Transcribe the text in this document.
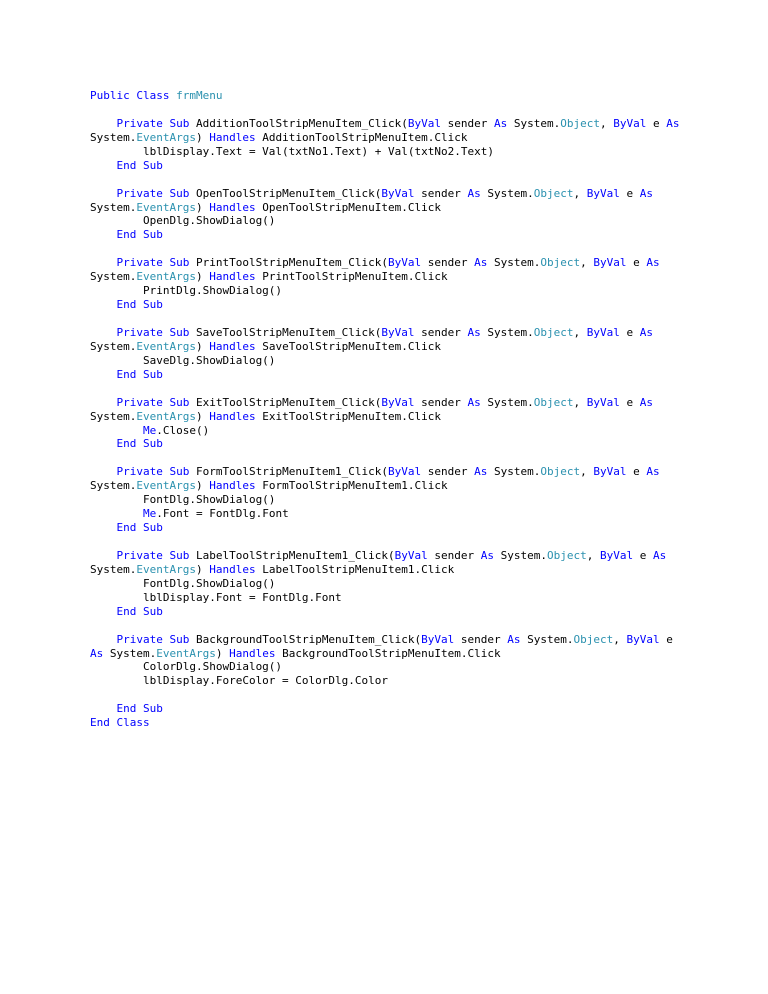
Public Class frmMenu

Private Sub AdditionToolStripMenuItem_Click(ByVal sender As System.Object, ByVal e As
System.EventArgs) Handles AdditionToolStripMenuItem.Click
lblDisplay.Text = Val(txtNo1.Text) + Val(txtNo2.Text)
End Sub

Private Sub OpenToolStripMenuItem_Click(ByVal sender As System.Object, ByVal e As
System.EventArgs) Handles OpenToolStripMenuItem.Click
OpenDlg.ShowDialog()
End Sub

Private Sub PrintToolStripMenuItem_Click(ByVal sender As System.Object, ByVal e As
System.EventArgs) Handles PrintToolStripMenuItem.Click
PrintDlg.ShowDialog()
End Sub

Private Sub SaveToolStripMenuItem_Click(ByVal sender As System.Object, ByVal e As
System.EventArgs) Handles SaveToolStripMenuItem.Click
SaveDlg.ShowDialog()
End Sub

Private Sub ExitToolStripMenuItem_Click(ByVal sender As System.Object, ByVal e As
System.EventArgs) Handles ExitToolStripMenuItem.Click
Me.Close()
End Sub

Private Sub FormToolStripMenuItem1_Click(ByVal sender As System.Object, ByVal e As
System.EventArgs) Handles FormToolStripMenuItem1.Click
FontDlg.ShowDialog()
Me.Font = FontDlg.Font
End Sub

Private Sub LabelToolStripMenuItem1_Click(ByVal sender As System.Object, ByVal e As
System.EventArgs) Handles LabelToolStripMenuItem1.Click
FontDlg.ShowDialog()
lblDisplay.Font = FontDlg.Font
End Sub

Private Sub BackgroundToolStripMenuItem_Click(ByVal sender As System.Object, ByVal e
As System.EventArgs) Handles BackgroundToolStripMenuItem.Click
ColorDlg.ShowDialog()
lblDisplay.ForeColor = ColorDlg.Color

End Sub
End Class
